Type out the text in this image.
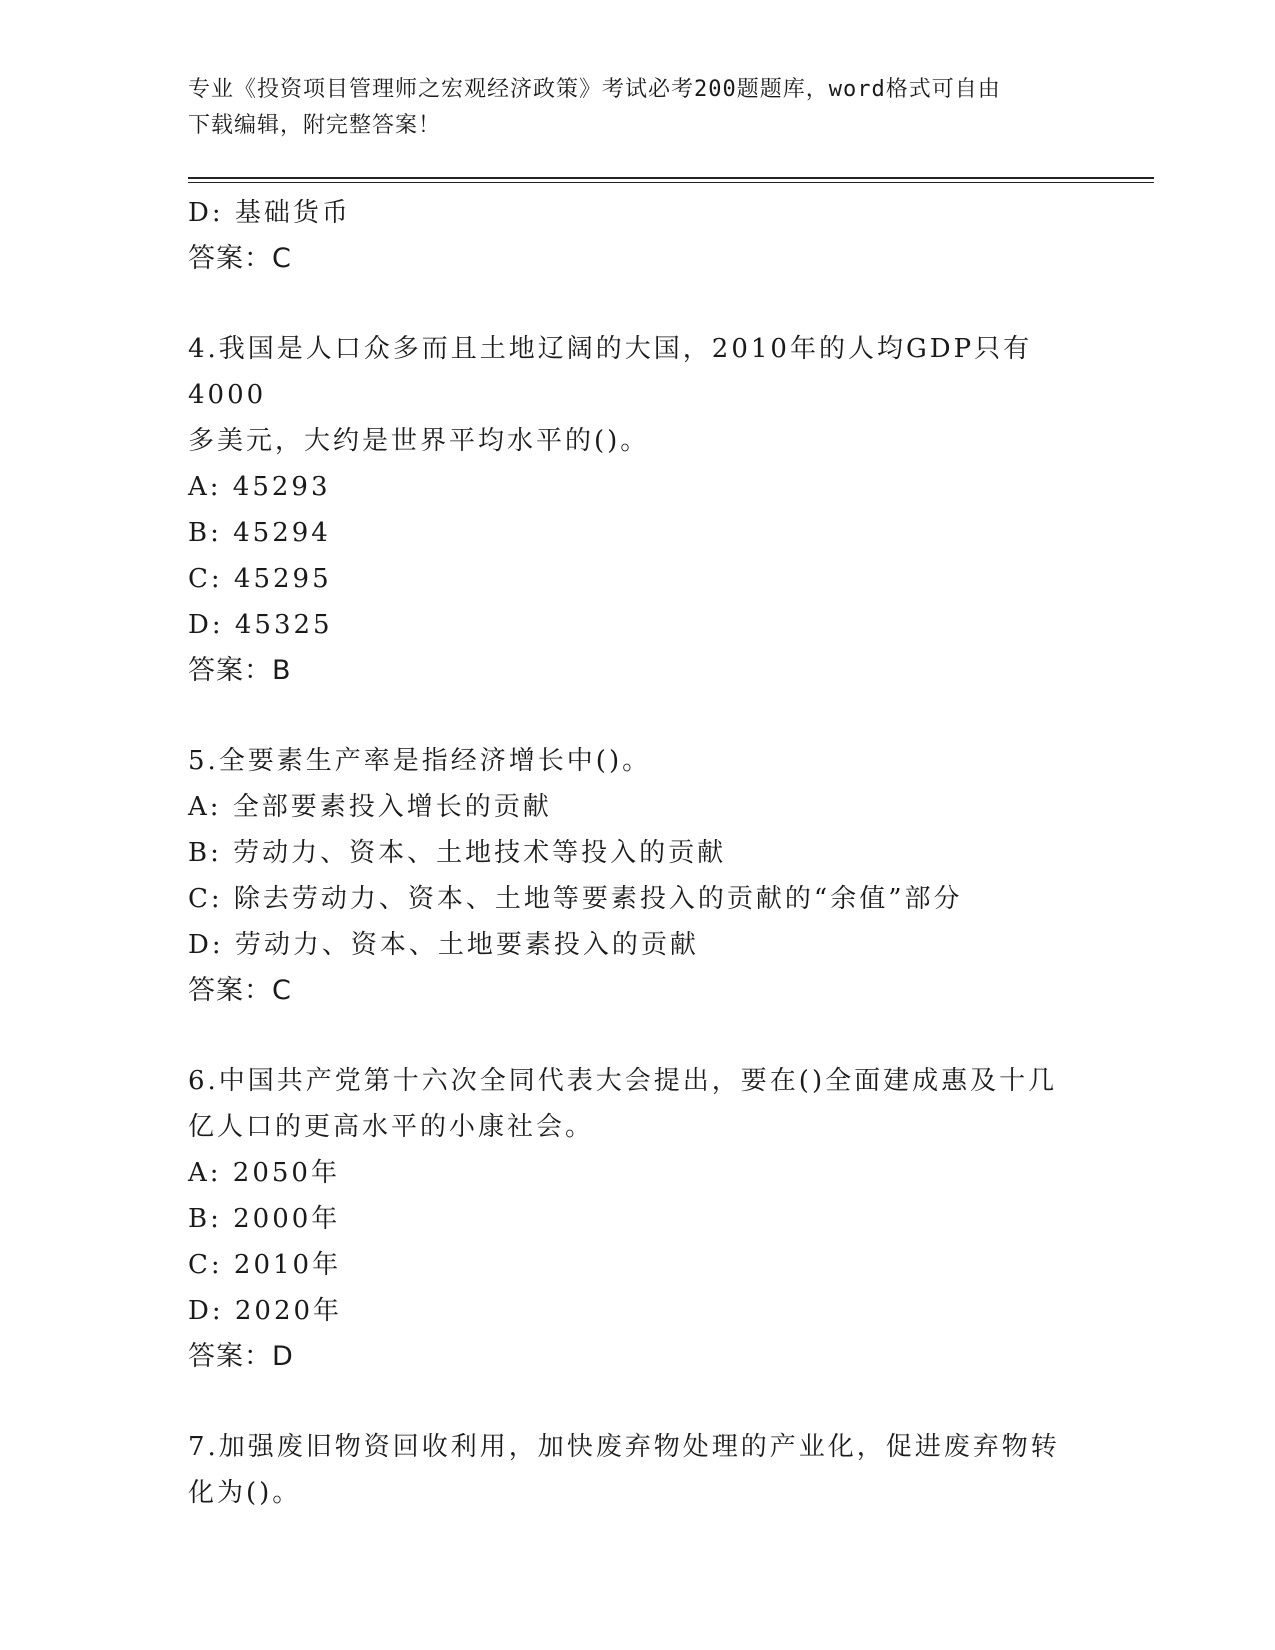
专业《投资项目管理师之宏观经济政策》考试必考200题题库，word格式可自由
下载编辑，附完整答案！
D: 基础货币
答案：C
4.我国是人口众多而且土地辽阔的大国，2010年的人均GDP只有4000
多美元，大约是世界平均水平的()。
A: 45293
B: 45294
C: 45295
D: 45325
答案：B
5.全要素生产率是指经济增长中()。
A: 全部要素投入增长的贡献
B: 劳动力、资本、土地技术等投入的贡献
C: 除去劳动力、资本、土地等要素投入的贡献的“余值”部分
D: 劳动力、资本、土地要素投入的贡献
答案：C
6.中国共产党第十六次全同代表大会提出，要在()全面建成惠及十几
亿人口的更高水平的小康社会。
A: 2050年
B: 2000年
C: 2010年
D: 2020年
答案：D
7.加强废旧物资回收利用，加快废弃物处理的产业化，促进废弃物转
化为()。
